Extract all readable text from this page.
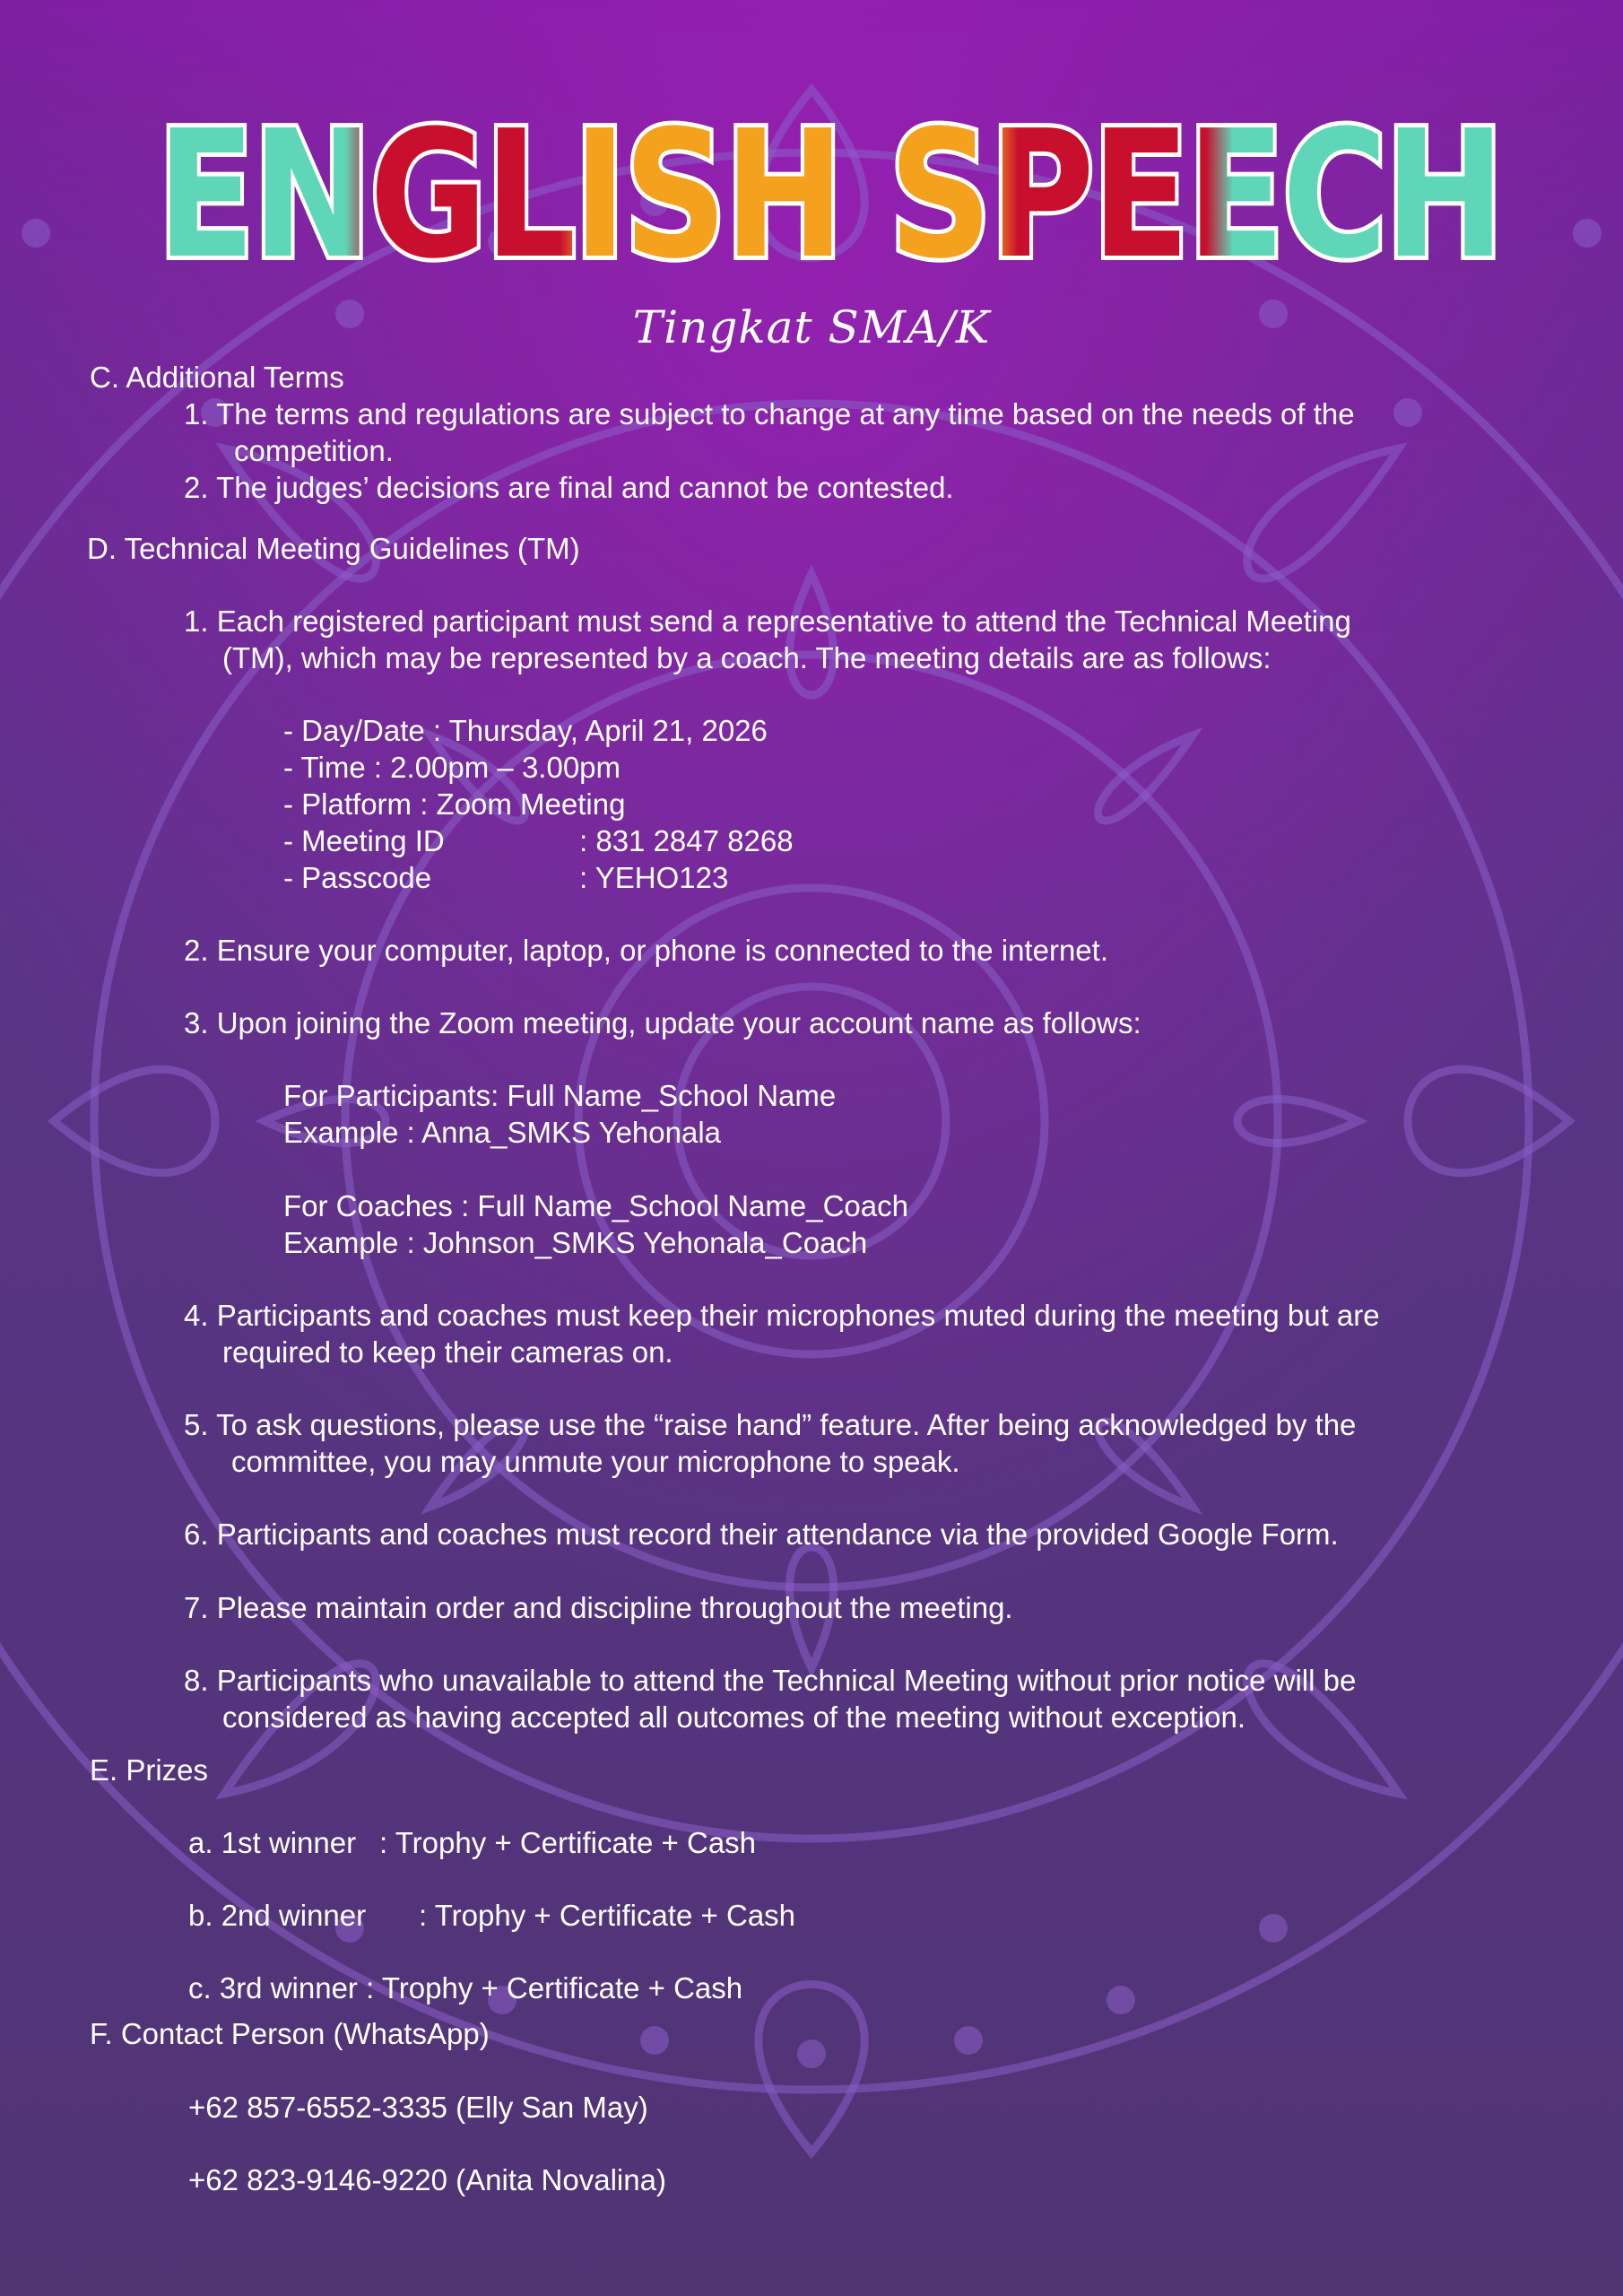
ENGLISH SPEECH
Tingkat SMA/K
C. Additional Terms
1. The terms and regulations are subject to change at any time based on the needs of the
competition.
2. The judges’ decisions are final and cannot be contested.
D. Technical Meeting Guidelines (TM)
1. Each registered participant must send a representative to attend the Technical Meeting
(TM), which may be represented by a coach. The meeting details are as follows:
- Day/Date : Thursday, April 21, 2026
- Time : 2.00pm – 3.00pm
- Platform : Zoom Meeting
- Meeting ID	: 831 2847 8268
- Passcode	: YEHO123
2. Ensure your computer, laptop, or phone is connected to the internet.
3. Upon joining the Zoom meeting, update your account name as follows:
For Participants: Full Name_School Name
Example : Anna_SMKS Yehonala
For Coaches : Full Name_School Name_Coach
Example : Johnson_SMKS Yehonala_Coach
4. Participants and coaches must keep their microphones muted during the meeting but are
required to keep their cameras on.
5. To ask questions, please use the “raise hand” feature. After being acknowledged by the
committee, you may unmute your microphone to speak.
6. Participants and coaches must record their attendance via the provided Google Form.
7. Please maintain order and discipline throughout the meeting.
8. Participants who unavailable to attend the Technical Meeting without prior notice will be
considered as having accepted all outcomes of the meeting without exception.
E. Prizes
a. 1st winner : Trophy + Certificate + Cash
b. 2nd winner : Trophy + Certificate + Cash
c. 3rd winner : Trophy + Certificate + Cash
F. Contact Person (WhatsApp)
+62 857-6552-3335 (Elly San May)
+62 823-9146-9220 (Anita Novalina)
